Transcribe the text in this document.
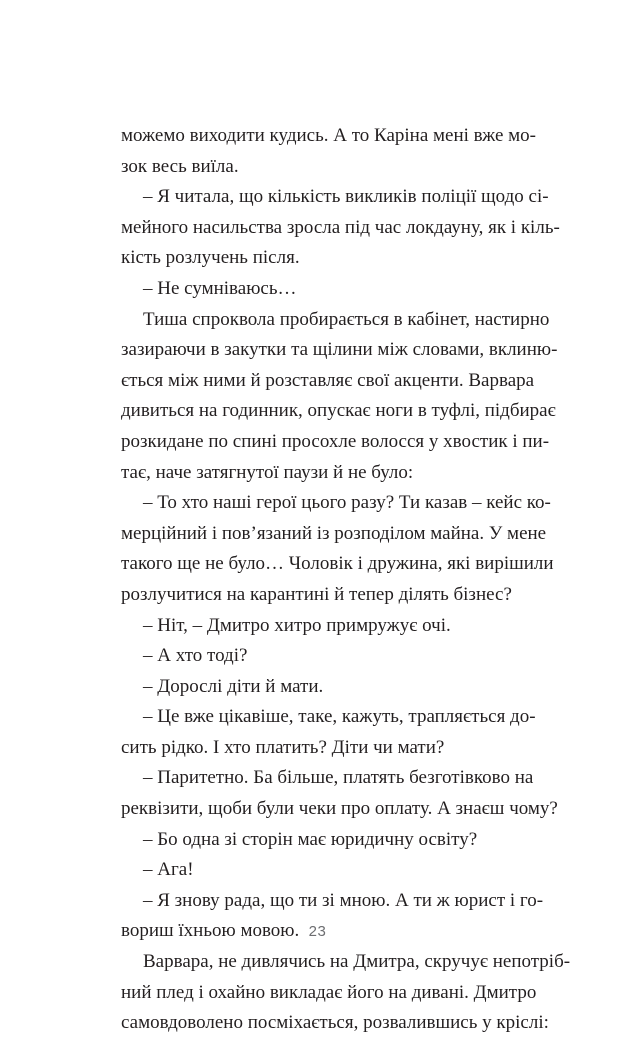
можемо виходити кудись. А то Каріна мені вже мо-
зок весь виїла.
– Я читала, що кількість викликів поліції щодо сі-
мейного насильства зросла під час локдауну, як і кіль-
кість розлучень після.
– Не сумніваюсь…
Тиша спроквола пробирається в кабінет, настирно
зазираючи в закутки та щілини між словами, вклиню-
ється між ними й розставляє свої акценти. Варвара
дивиться на годинник, опускає ноги в туфлі, підбирає
розкидане по спині просохле волосся у хвостик і пи-
тає, наче затягнутої паузи й не було:
– То хто наші герої цього разу? Ти казав – кейс ко-
мерційний і пов’язаний із розподілом майна. У мене
такого ще не було… Чоловік і дружина, які вирішили
розлучитися на карантині й тепер ділять бізнес?
– Ніт, – Дмитро хитро примружує очі.
– А хто тоді?
– Дорослі діти й мати.
– Це вже цікавіше, таке, кажуть, трапляється до-
сить рідко. І хто платить? Діти чи мати?
– Паритетно. Ба більше, платять безготівково на
реквізити, щоби були чеки про оплату. А знаєш чому?
– Бо одна зі сторін має юридичну освіту?
– Ага!
– Я знову рада, що ти зі мною. А ти ж юрист і го-
вориш їхньою мовою.
Варвара, не дивлячись на Дмитра, скручує непотріб-
ний плед і охайно викладає його на дивані. Дмитро
самовдоволено посміхається, розвалившись у кріслі:
23
